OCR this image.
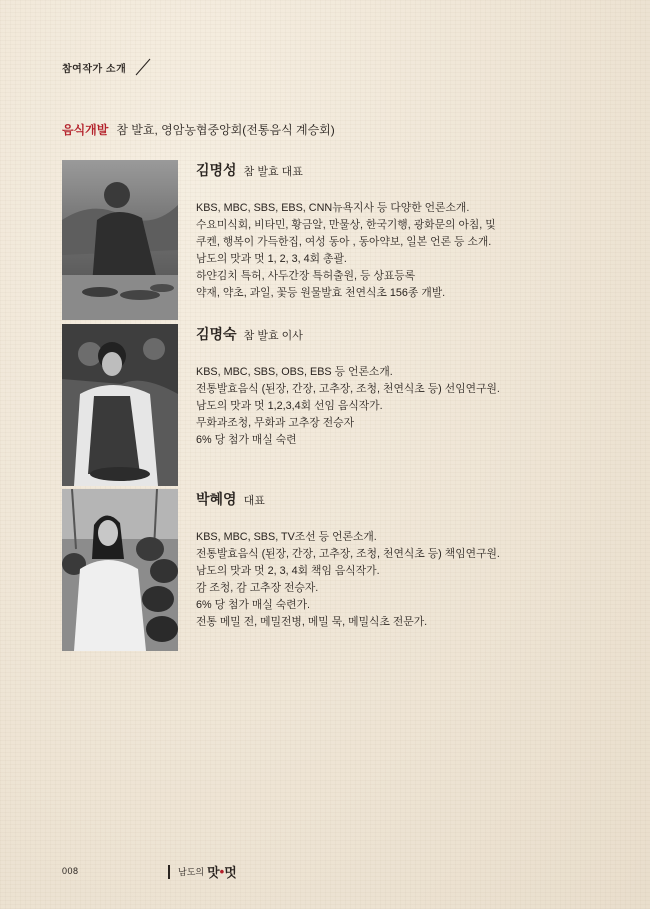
참여작가 소개
음식개발 참 발효, 영암농협중앙회(전통음식 계승회)

김명성 참 발효 대표

KBS, MBC, SBS, EBS, CNN뉴욕지사 등 다양한 언론소개.
수요미식회, 비타민, 황금알, 만물상, 한국기행, 광화문의 아침, 및
쿠켄, 행복이 가득한집, 여성 동아 , 동아약보, 일본 언론 등 소개.
남도의 맛과 멋 1, 2, 3, 4회 총괄.
하얀김치 특허, 사두간장 특허출원, 등 상표등록
약재, 약초, 과일, 꽃등 원물발효 천연식초 156종 개발.

김명숙 참 발효 이사

KBS, MBC, SBS, OBS, EBS 등 언론소개.
전통발효음식 (된장, 간장, 고추장, 조청, 천연식초 등) 선임연구원.
남도의 맛과 멋 1,2,3,4회 선임 음식작가.
무화과조청, 무화과 고추장 전승자
6% 당 첨가 매실 숙련

박혜영 대표

KBS, MBC, SBS, TV조선 등 언론소개.
전통발효음식 (된장, 간장, 고추장, 조청, 천연식초 등) 책임연구원.
남도의 맛과 멋 2, 3, 4회 책임 음식작가.
감 조청, 감 고추장 전승자.
6% 당 첨가 매실 숙련가.
전통 메밀 전, 메밀전병, 메밀 묵, 메밀식초 전문가.
008	남도의 맛 • 멋
